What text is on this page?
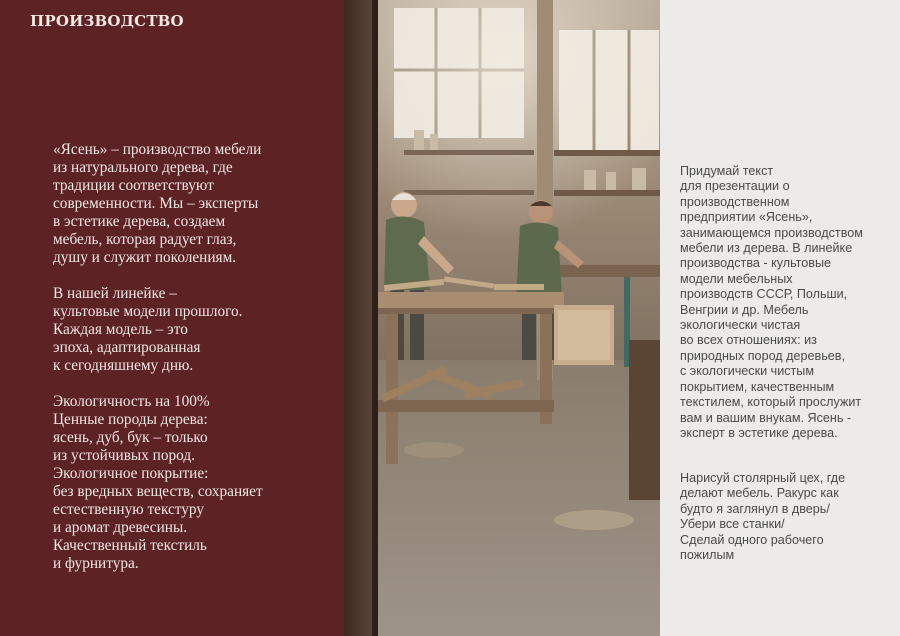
ПРОИЗВОДСТВО

«Ясень» – производство мебели
из натурального дерева, где
традиции соответствуют
современности. Мы – эксперты
в эстетике дерева, создаем
мебель, которая радует глаз,
душу и служит поколениям.

В нашей линейке –
культовые модели прошлого.
Каждая модель – это
эпоха, адаптированная
к сегодняшнему дню.

Экологичность на 100%
Ценные породы дерева:
ясень, дуб, бук – только
из устойчивых пород.
Экологичное покрытие:
без вредных веществ, сохраняет
естественную текстуру
и аромат древесины.
Качественный текстиль
и фурнитура.

Придумай текст
для презентации о
производственном
предприятии «Ясень»,
занимающемся производством
мебели из дерева. В линейке
производства - культовые
модели мебельных
производств СССР, Польши,
Венгрии и др. Мебель
экологически чистая
во всех отношениях: из
природных пород деревьев,
с экологически чистым
покрытием, качественным
текстилем, который прослужит
вам и вашим внукам. Ясень -
эксперт в эстетике дерева.

Нарисуй столярный цех, где
делают мебель. Ракурс как
будто я заглянул в дверь/
Убери все станки/
Сделай одного рабочего
пожилым
